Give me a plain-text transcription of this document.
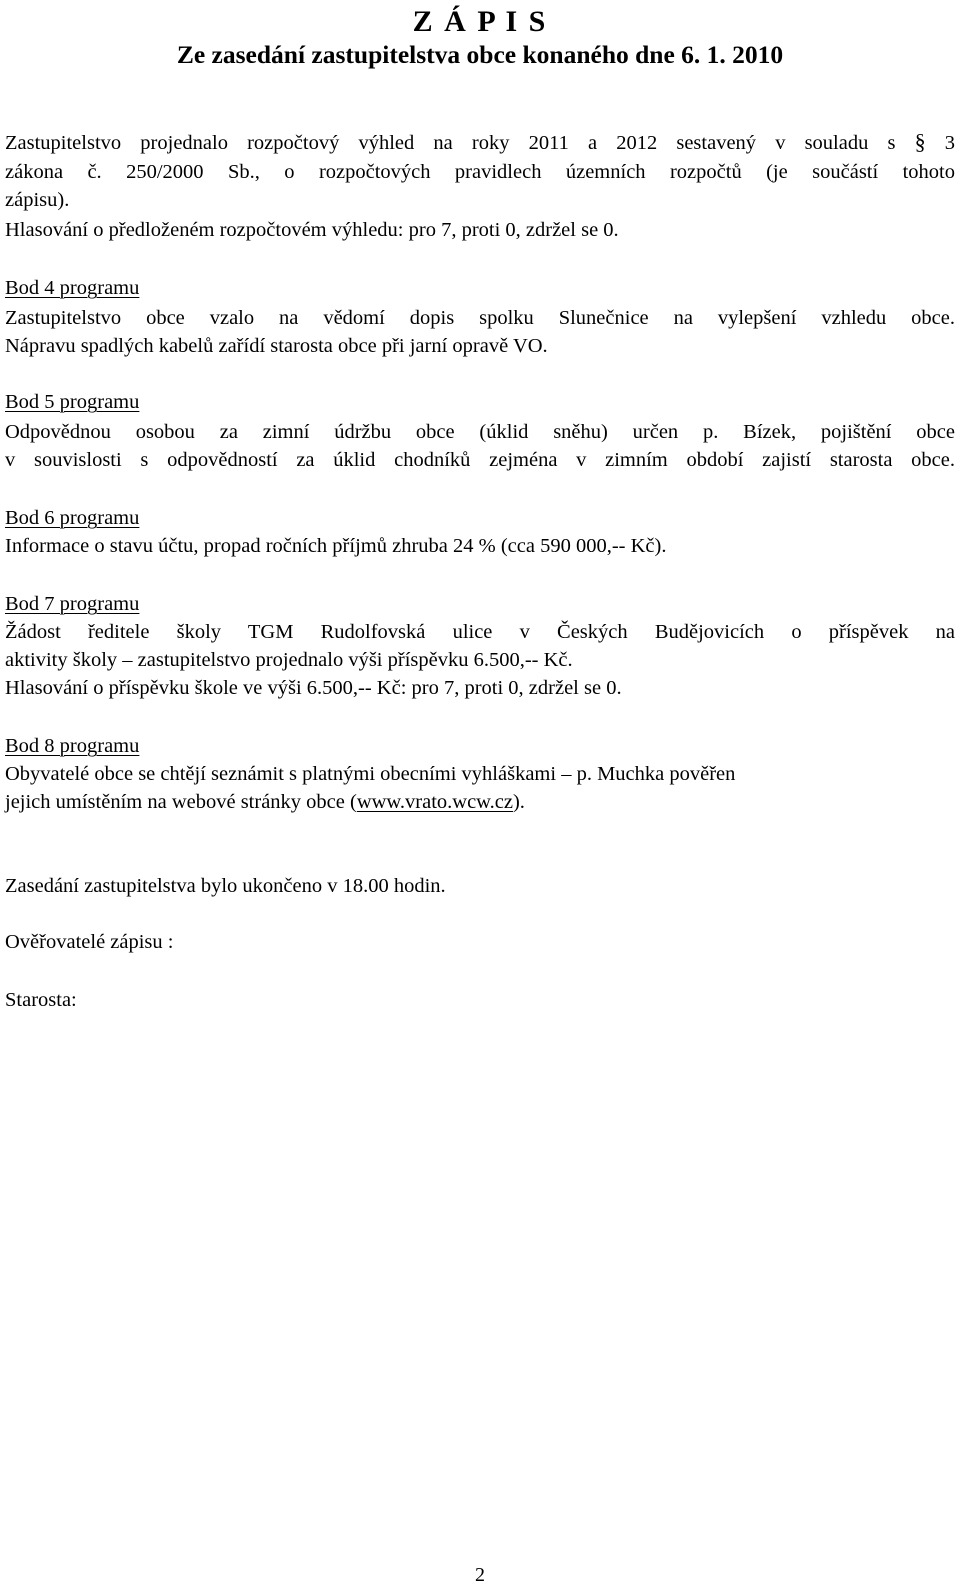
Z Á P I S
Ze zasedání zastupitelstva obce konaného dne 6. 1. 2010

Zastupitelstvo projednalo rozpočtový výhled na roky 2011 a 2012 sestavený v souladu s § 3

zákona č. 250/2000 Sb., o rozpočtových pravidlech územních rozpočtů (je součástí tohoto

zápisu).

Hlasování o předloženém rozpočtovém výhledu: pro 7, proti 0, zdržel se 0.

Bod 4 programu

Zastupitelstvo obce vzalo na vědomí dopis spolku Slunečnice na vylepšení vzhledu obce.

Nápravu spadlých kabelů zařídí starosta obce při jarní opravě VO.

Bod 5 programu

Odpovědnou osobou za zimní údržbu obce (úklid sněhu) určen p. Bízek, pojištění obce

v souvislosti s odpovědností za úklid chodníků zejména v zimním období zajistí starosta obce.

Bod 6 programu

Informace o stavu účtu, propad ročních příjmů zhruba 24 % (cca 590 000,-- Kč).

Bod 7 programu

Žádost ředitele školy TGM Rudolfovská ulice v Českých Budějovicích o příspěvek na

aktivity školy – zastupitelstvo projednalo výši příspěvku 6.500,-- Kč.

Hlasování o příspěvku škole ve výši 6.500,-- Kč: pro 7, proti 0, zdržel se 0.

Bod 8 programu

Obyvatelé obce se chtějí seznámit s platnými obecními vyhláškami – p. Muchka pověřen

jejich umístěním na webové stránky obce (www.vrato.wcw.cz).

Zasedání zastupitelstva bylo ukončeno v 18.00 hodin.

Ověřovatelé zápisu :

Starosta:

2
